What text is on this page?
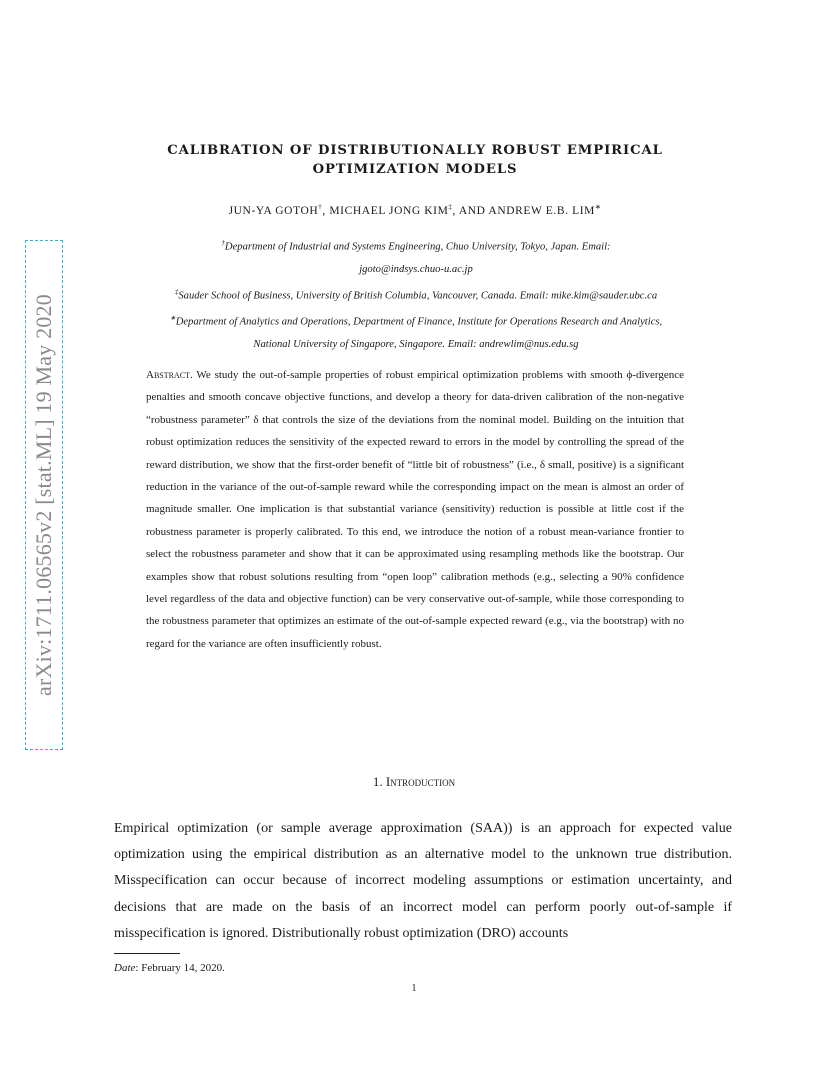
arXiv:1711.06565v2 [stat.ML] 19 May 2020
CALIBRATION OF DISTRIBUTIONALLY ROBUST EMPIRICAL
OPTIMIZATION MODELS
JUN-YA GOTOH†, MICHAEL JONG KIM‡, AND ANDREW E.B. LIM∗
†Department of Industrial and Systems Engineering, Chuo University, Tokyo, Japan. Email:
jgoto@indsys.chuo-u.ac.jp
‡Sauder School of Business, University of British Columbia, Vancouver, Canada. Email: mike.kim@sauder.ubc.ca
∗Department of Analytics and Operations, Department of Finance, Institute for Operations Research and Analytics,
National University of Singapore, Singapore. Email: andrewlim@nus.edu.sg
Abstract. We study the out-of-sample properties of robust empirical optimization problems with smooth ϕ-divergence penalties and smooth concave objective functions, and develop a theory for data-driven calibration of the non-negative “robustness parameter” δ that controls the size of the deviations from the nominal model. Building on the intuition that robust optimization reduces the sensitivity of the expected reward to errors in the model by controlling the spread of the reward distribution, we show that the first-order benefit of “little bit of robustness” (i.e., δ small, positive) is a significant reduction in the variance of the out-of-sample reward while the corresponding impact on the mean is almost an order of magnitude smaller. One implication is that substantial variance (sensitivity) reduction is possible at little cost if the robustness parameter is properly calibrated. To this end, we introduce the notion of a robust mean-variance frontier to select the robustness parameter and show that it can be approximated using resampling methods like the bootstrap. Our examples show that robust solutions resulting from “open loop” calibration methods (e.g., selecting a 90% confidence level regardless of the data and objective function) can be very conservative out-of-sample, while those corresponding to the robustness parameter that optimizes an estimate of the out-of-sample expected reward (e.g., via the bootstrap) with no regard for the variance are often insufficiently robust.
1. Introduction
Empirical optimization (or sample average approximation (SAA)) is an approach for expected value optimization using the empirical distribution as an alternative model to the unknown true distribution. Misspecification can occur because of incorrect modeling assumptions or estimation uncertainty, and decisions that are made on the basis of an incorrect model can perform poorly out-of-sample if misspecification is ignored. Distributionally robust optimization (DRO) accounts
Date: February 14, 2020.
1
